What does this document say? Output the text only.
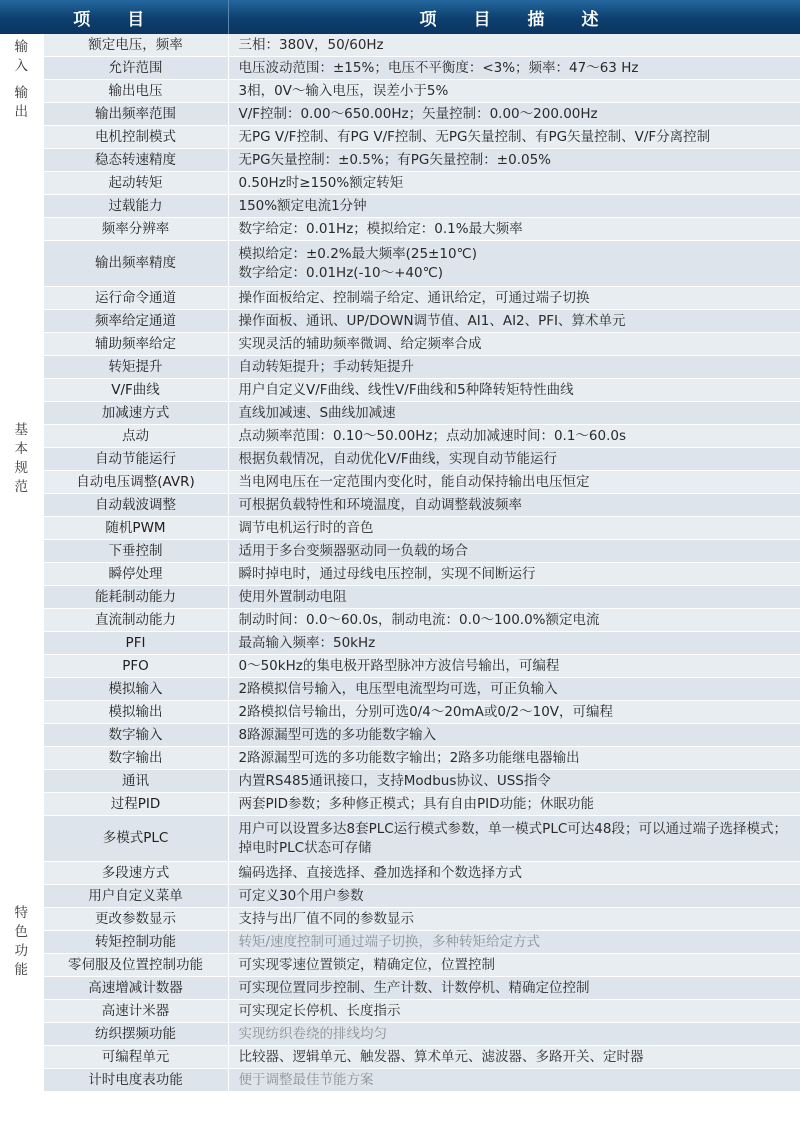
项　目		项　目　描　述
输入	额定电压，频率	三相：380V，50/60Hz

	允许范围	电压波动范围：±15%；电压不平衡度：<3%；频率：47～63 Hz

输出	输出电压	3相，0V～输入电压，误差小于5%

	输出频率范围	V/F控制：0.00～650.00Hz；矢量控制：0.00～200.00Hz

基本规范	电机控制模式	无PG V/F控制、有PG V/F控制、无PG矢量控制、有PG矢量控制、V/F分离控制

	稳态转速精度	无PG矢量控制：±0.5%；有PG矢量控制：±0.05%

	起动转矩	0.50Hz时≥150%额定转矩

	过载能力	150%额定电流1分钟

	频率分辨率	数字给定：0.01Hz；模拟给定：0.1%最大频率

	输出频率精度	模拟给定：±0.2%最大频率(25±10℃)
数字给定：0.01Hz(-10～+40℃)

	运行命令通道	操作面板给定、控制端子给定、通讯给定，可通过端子切换

	频率给定通道	操作面板、通讯、UP/DOWN调节值、AI1、AI2、PFI、算术单元

	辅助频率给定	实现灵活的辅助频率微调、给定频率合成

	转矩提升	自动转矩提升；手动转矩提升

	V/F曲线	用户自定义V/F曲线、线性V/F曲线和5种降转矩特性曲线

	加减速方式	直线加减速、S曲线加减速

	点动	点动频率范围：0.10～50.00Hz；点动加减速时间：0.1～60.0s

	自动节能运行	根据负载情况，自动优化V/F曲线，实现自动节能运行

	自动电压调整(AVR)	当电网电压在一定范围内变化时，能自动保持输出电压恒定

	自动载波调整	可根据负载特性和环境温度，自动调整载波频率

	随机PWM	调节电机运行时的音色

	下垂控制	适用于多台变频器驱动同一负载的场合

	瞬停处理	瞬时掉电时，通过母线电压控制，实现不间断运行

	能耗制动能力	使用外置制动电阻

	直流制动能力	制动时间：0.0～60.0s，制动电流：0.0～100.0%额定电流

	PFI	最高输入频率：50kHz

	PFO	0～50kHz的集电极开路型脉冲方波信号输出，可编程

	模拟输入	2路模拟信号输入，电压型电流型均可选，可正负输入

	模拟输出	2路模拟信号输出，分别可选0/4～20mA或0/2～10V，可编程

	数字输入	8路源漏型可选的多功能数字输入

	数字输出	2路源漏型可选的多功能数字输出；2路多功能继电器输出

	通讯	内置RS485通讯接口，支持Modbus协议、USS指令

特色功能	过程PID	两套PID参数；多种修正模式；具有自由PID功能；休眠功能

	多模式PLC	用户可以设置多达8套PLC运行模式参数，单一模式PLC可达48段；可以通过端子选择模式；掉电时PLC状态可存储

	多段速方式	编码选择、直接选择、叠加选择和个数选择方式

	用户自定义菜单	可定义30个用户参数

	更改参数显示	支持与出厂值不同的参数显示

	转矩控制功能	转矩/速度控制可通过端子切换，多种转矩给定方式

	零伺服及位置控制功能	可实现零速位置锁定，精确定位，位置控制

	高速增减计数器	可实现位置同步控制、生产计数、计数停机、精确定位控制

	高速计米器	可实现定长停机、长度指示

	纺织摆频功能	实现纺织卷绕的排线均匀

	可编程单元	比较器、逻辑单元、触发器、算术单元、滤波器、多路开关、定时器

	计时电度表功能	便于调整最佳节能方案
